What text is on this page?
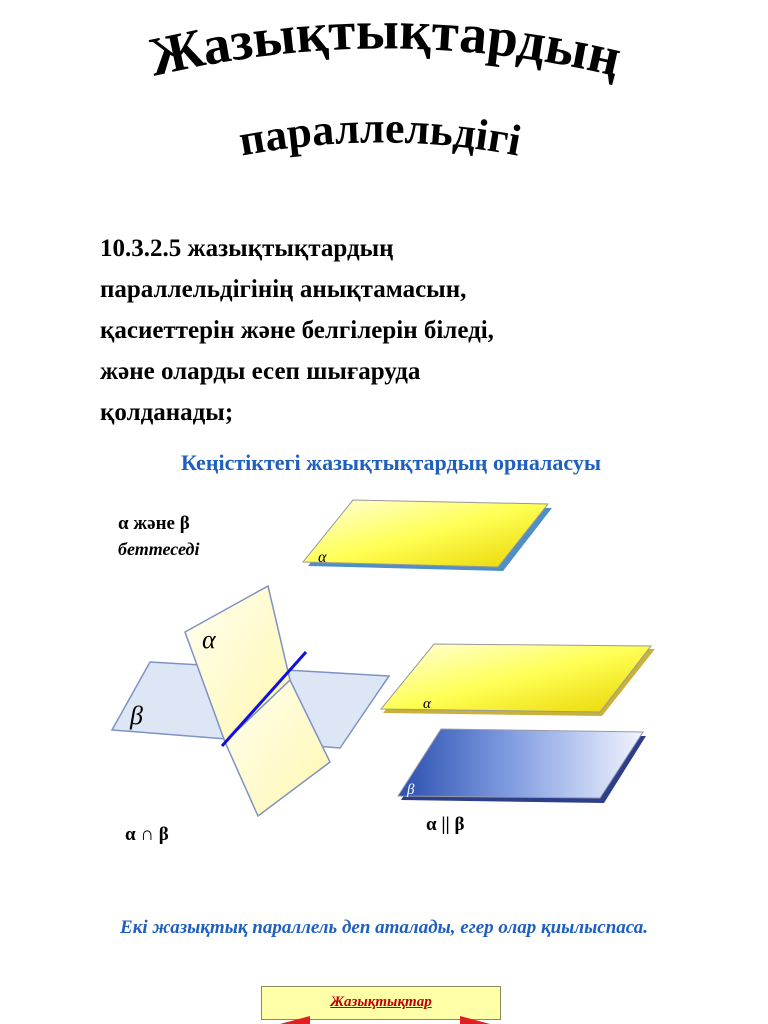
Жазықтықтардың
параллельдігі
10.3.2.5 жазықтықтардың
параллельдігінің анықтамасын,
қасиеттерін және белгілерін біледі,
және оларды есеп шығаруда
қолданады;
Кеңістіктегі жазықтықтардың орналасуы
α
α
β	α
β
α және β
беттеседі
α ∩ β	α || β
Екі жазықтық параллель деп аталады, егер олар қиылыспаса.
Жазықтықтар
